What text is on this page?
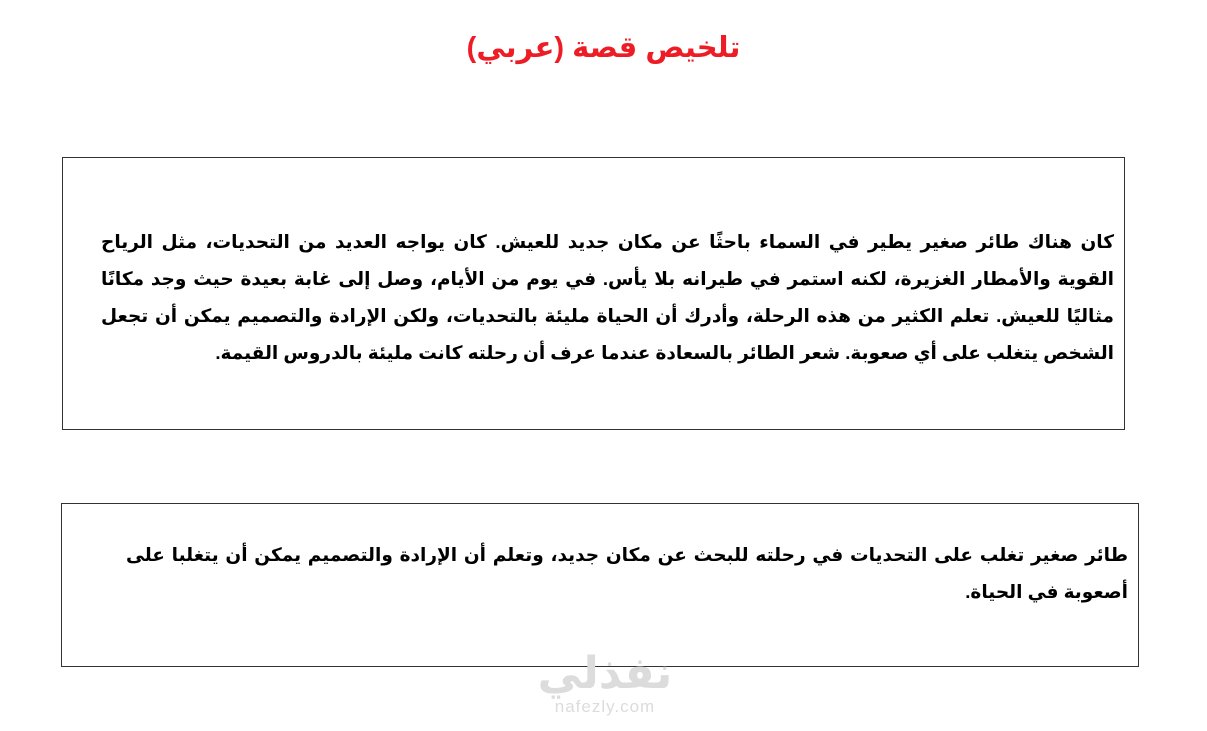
تلخيص قصة (عربي)
كان هناك طائر صغير يطير في السماء باحثًا عن مكان جديد للعيش. كان يواجه العديد من التحديات، مثل الرياح القوية والأمطار الغزيرة، لكنه استمر في طيرانه بلا يأس. في يوم من الأيام، وصل إلى غابة بعيدة حيث وجد مكانًا مثاليًا للعيش. تعلم الكثير من هذه الرحلة، وأدرك أن الحياة مليئة بالتحديات، ولكن الإرادة والتصميم يمكن أن تجعل الشخص يتغلب على أي صعوبة. شعر الطائر بالسعادة عندما عرف أن رحلته كانت مليئة بالدروس القيمة.
طائر صغير تغلب على التحديات في رحلته للبحث عن مكان جديد، وتعلم أن الإرادة والتصميم يمكن أن يتغلبا على أصعوبة في الحياة.
نفذلي
nafezly.com
